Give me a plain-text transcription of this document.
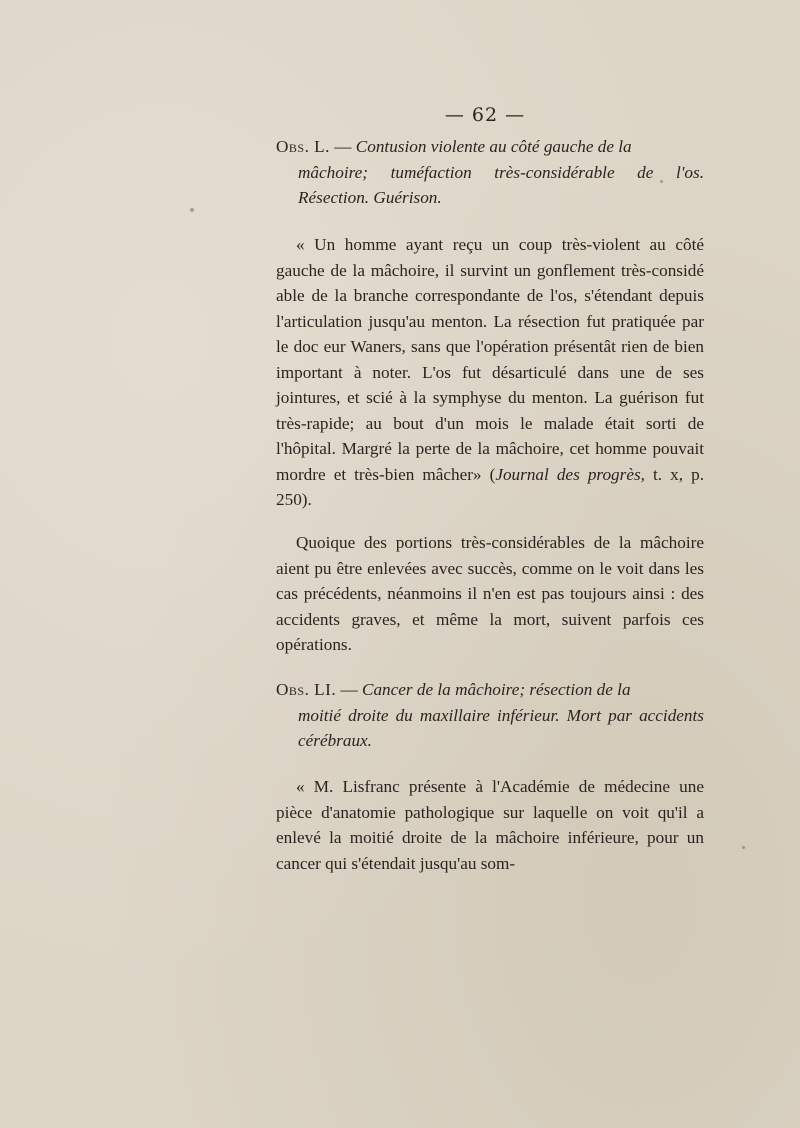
— 62 —

Obs. L. — Contusion violente au côté gauche de la
mâchoire; tuméfaction très-considérable de l'os. Résection. Guérison.

« Un homme ayant reçu un coup très-violent au côté gauche de la mâchoire, il survint un gonflement très-considé able de la branche correspondante de l'os, s'étendant depuis l'articulation jusqu'au menton. La résection fut pratiquée par le doc eur Waners, sans que l'opération présentât rien de bien important à noter. L'os fut désarticulé dans une de ses jointures, et scié à la symphyse du menton. La guérison fut très-rapide; au bout d'un mois le malade était sorti de l'hôpital. Margré la perte de la mâchoire, cet homme pouvait mordre et très-bien mâcher» (Journal des progrès, t. x, p. 250).

Quoique des portions très-considérables de la mâchoire aient pu être enlevées avec succès, comme on le voit dans les cas précédents, néanmoins il n'en est pas toujours ainsi : des accidents graves, et même la mort, suivent parfois ces opérations.

Obs. LI. — Cancer de la mâchoire; résection de la
moitié droite du maxillaire inférieur. Mort par accidents cérébraux.

« M. Lisfranc présente à l'Académie de médecine une pièce d'anatomie pathologique sur laquelle on voit qu'il a enlevé la moitié droite de la mâchoire inférieure, pour un cancer qui s'étendait jusqu'au som-
